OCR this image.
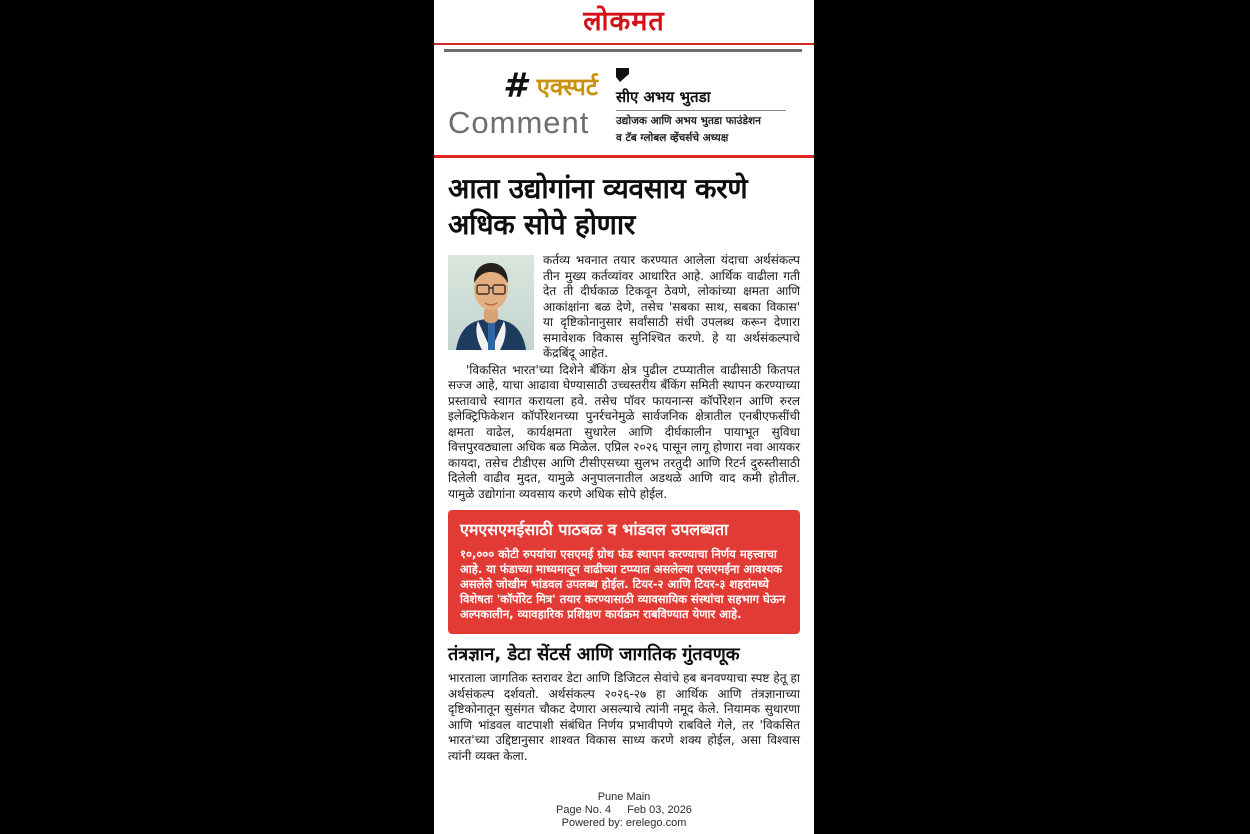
लोकमत
# एक्स्पर्ट
Comment
सीए अभय भुतडा
उद्योजक आणि अभय भुतडा फाउंडेशन
व टॅब ग्लोबल व्हेंचर्सचे अध्यक्ष
आता उद्योगांना व्यवसाय करणे अधिक सोपे होणार

कर्तव्य भवनात तयार करण्यात आलेला यंदाचा अर्थसंकल्प तीन मुख्य कर्तव्यांवर आधारित आहे. आर्थिक वाढीला गती देत ती दीर्घकाळ टिकवून ठेवणे, लोकांच्या क्षमता आणि आकांक्षांना बळ देणे, तसेच 'सबका साथ, सबका विकास' या दृष्टिकोनानुसार सर्वांसाठी संधी उपलब्ध करून देणारा समावेशक विकास सुनिश्चित करणे. हे या अर्थसंकल्पाचे केंद्रबिंदू आहेत.

'विकसित भारत'च्या दिशेने बँकिंग क्षेत्र पुढील टप्प्यातील वाढीसाठी कितपत सज्ज आहे, याचा आढावा घेण्यासाठी उच्चस्तरीय बँकिंग समिती स्थापन करण्याच्या प्रस्तावाचे स्वागत करायला हवे. तसेच पॉवर फायनान्स कॉर्पोरेशन आणि रुरल इलेक्ट्रिफिकेशन कॉर्पोरेशनच्या पुनर्रचनेमुळे सार्वजनिक क्षेत्रातील एनबीएफसींची क्षमता वाढेल, कार्यक्षमता सुधारेल आणि दीर्घकालीन पायाभूत सुविधा वित्तपुरवठ्याला अधिक बळ मिळेल. एप्रिल २०२६ पासून लागू होणारा नवा आयकर कायदा, तसेच टीडीएस आणि टीसीएसच्या सुलभ तरतुदी आणि रिटर्न दुरुस्तीसाठी दिलेली वाढीव मुदत, यामुळे अनुपालनातील अडथळे आणि वाद कमी होतील. यामुळे उद्योगांना व्यवसाय करणे अधिक सोपे होईल.

एमएसएमईसाठी पाठबळ व भांडवल उपलब्धता
१०,००० कोटी रुपयांचा एसएमई ग्रोथ फंड स्थापन करण्याचा निर्णय महत्त्वाचा आहे. या फंडाच्या माध्यमातून वाढीच्या टप्प्यात असलेल्या एसएमईंना आवश्यक असलेले जोखीम भांडवल उपलब्ध होईल. टियर-२ आणि टियर-३ शहरांमध्ये विशेषतः 'कॉर्पोरेट मित्र' तयार करण्यासाठी व्यावसायिक संस्थांचा सहभाग घेऊन अल्पकालीन, व्यावहारिक प्रशिक्षण कार्यक्रम राबविण्यात येणार आहे.
तंत्रज्ञान, डेटा सेंटर्स आणि जागतिक गुंतवणूक

भारताला जागतिक स्तरावर डेटा आणि डिजिटल सेवांचे हब बनवण्याचा स्पष्ट हेतू हा अर्थसंकल्प दर्शवतो. अर्थसंकल्प २०२६-२७ हा आर्थिक आणि तंत्रज्ञानाच्या दृष्टिकोनातून सुसंगत चौकट देणारा असल्याचे त्यांनी नमूद केले. नियामक सुधारणा आणि भांडवल वाटपाशी संबंधित निर्णय प्रभावीपणे राबविले गेले, तर 'विकसित भारत'च्या उद्दिष्टानुसार शाश्वत विकास साध्य करणे शक्य होईल, असा विश्वास त्यांनी व्यक्त केला.

Pune Main
Page No. 4 Feb 03, 2026
Powered by: erelego.com
